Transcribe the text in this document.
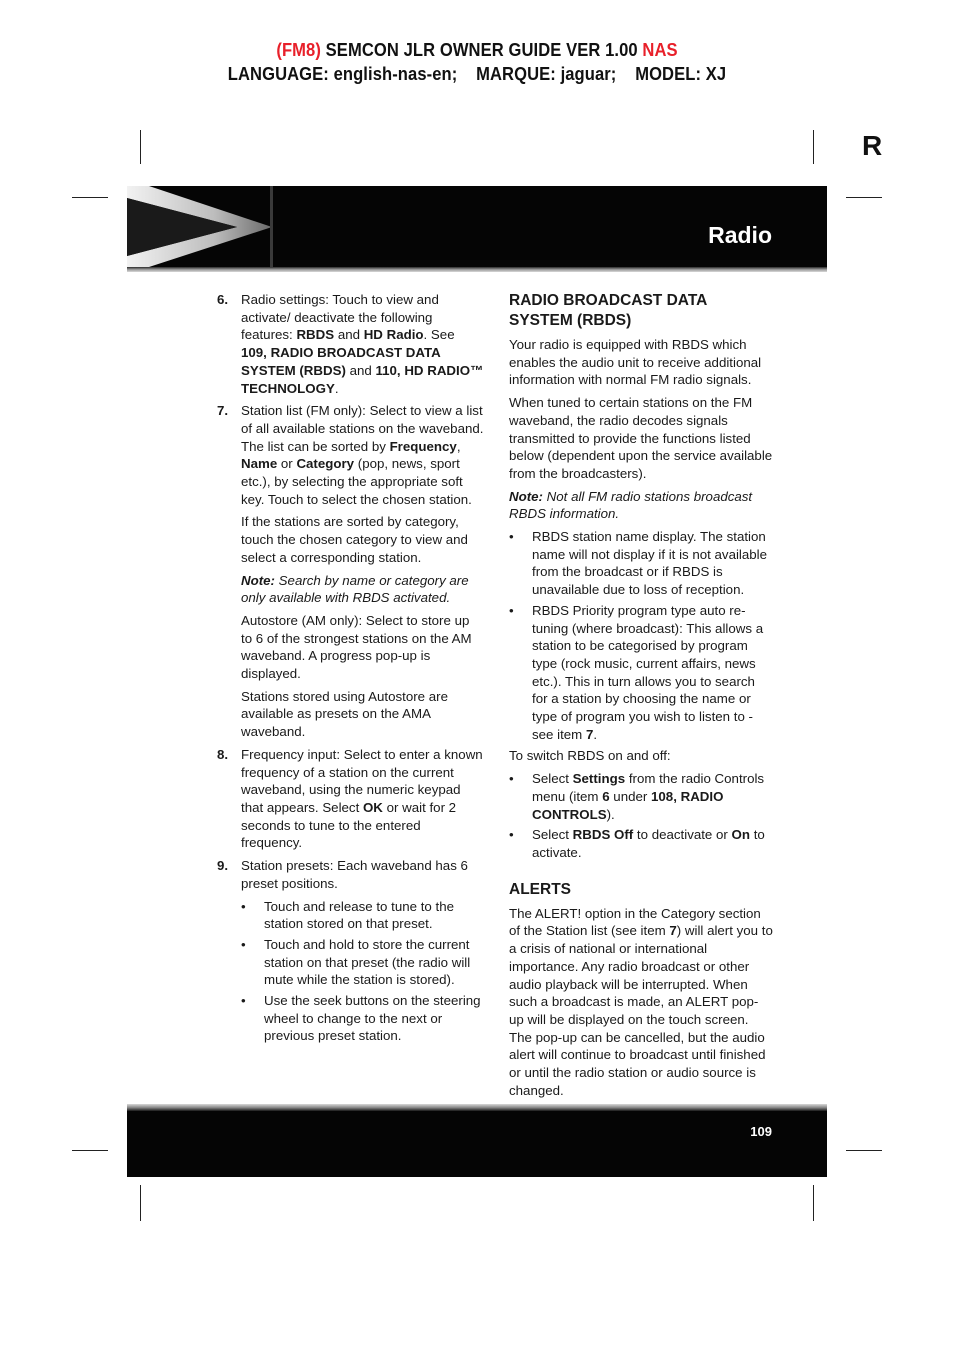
(FM8) SEMCON JLR OWNER GUIDE VER 1.00 NAS
LANGUAGE: english-nas-en;    MARQUE: jaguar;    MODEL: XJ
R
Radio
6. Radio settings: Touch to view and activate/ deactivate the following features: RBDS and HD Radio. See 109, RADIO BROADCAST DATA SYSTEM (RBDS) and 110, HD RADIO™ TECHNOLOGY.
7. Station list (FM only): Select to view a list of all available stations on the waveband. The list can be sorted by Frequency, Name or Category (pop, news, sport etc.), by selecting the appropriate soft key. Touch to select the chosen station.

If the stations are sorted by category, touch the chosen category to view and select a corresponding station.

Note: Search by name or category are only available with RBDS activated.

Autostore (AM only): Select to store up to 6 of the strongest stations on the AM waveband. A progress pop-up is displayed.

Stations stored using Autostore are available as presets on the AMA waveband.

8. Frequency input: Select to enter a known frequency of a station on the current waveband, using the numeric keypad that appears. Select OK or wait for 2 seconds to tune to the entered frequency.
9. Station presets: Each waveband has 6 preset positions.

• Touch and release to tune to the station stored on that preset.
• Touch and hold to store the current station on that preset (the radio will mute while the station is stored).
• Use the seek buttons on the steering wheel to change to the next or previous preset station.
RADIO BROADCAST DATA SYSTEM (RBDS)

Your radio is equipped with RBDS which enables the audio unit to receive additional information with normal FM radio signals.

When tuned to certain stations on the FM waveband, the radio decodes signals transmitted to provide the functions listed below (dependent upon the service available from the broadcasters).

Note: Not all FM radio stations broadcast RBDS information.

• RBDS station name display. The station name will not display if it is not available from the broadcast or if RBDS is unavailable due to loss of reception.
• RBDS Priority program type auto re-tuning (where broadcast): This allows a station to be categorised by program type (rock music, current affairs, news etc.). This in turn allows you to search for a station by choosing the name or type of program you wish to listen to - see item 7.

To switch RBDS on and off:

• Select Settings from the radio Controls menu (item 6 under 108, RADIO CONTROLS).
• Select RBDS Off to deactivate or On to activate.
ALERTS

The ALERT! option in the Category section of the Station list (see item 7) will alert you to a crisis of national or international importance. Any radio broadcast or other audio playback will be interrupted. When such a broadcast is made, an ALERT pop-up will be displayed on the touch screen. The pop-up can be cancelled, but the audio alert will continue to broadcast until finished or until the radio station or audio source is changed.

109
